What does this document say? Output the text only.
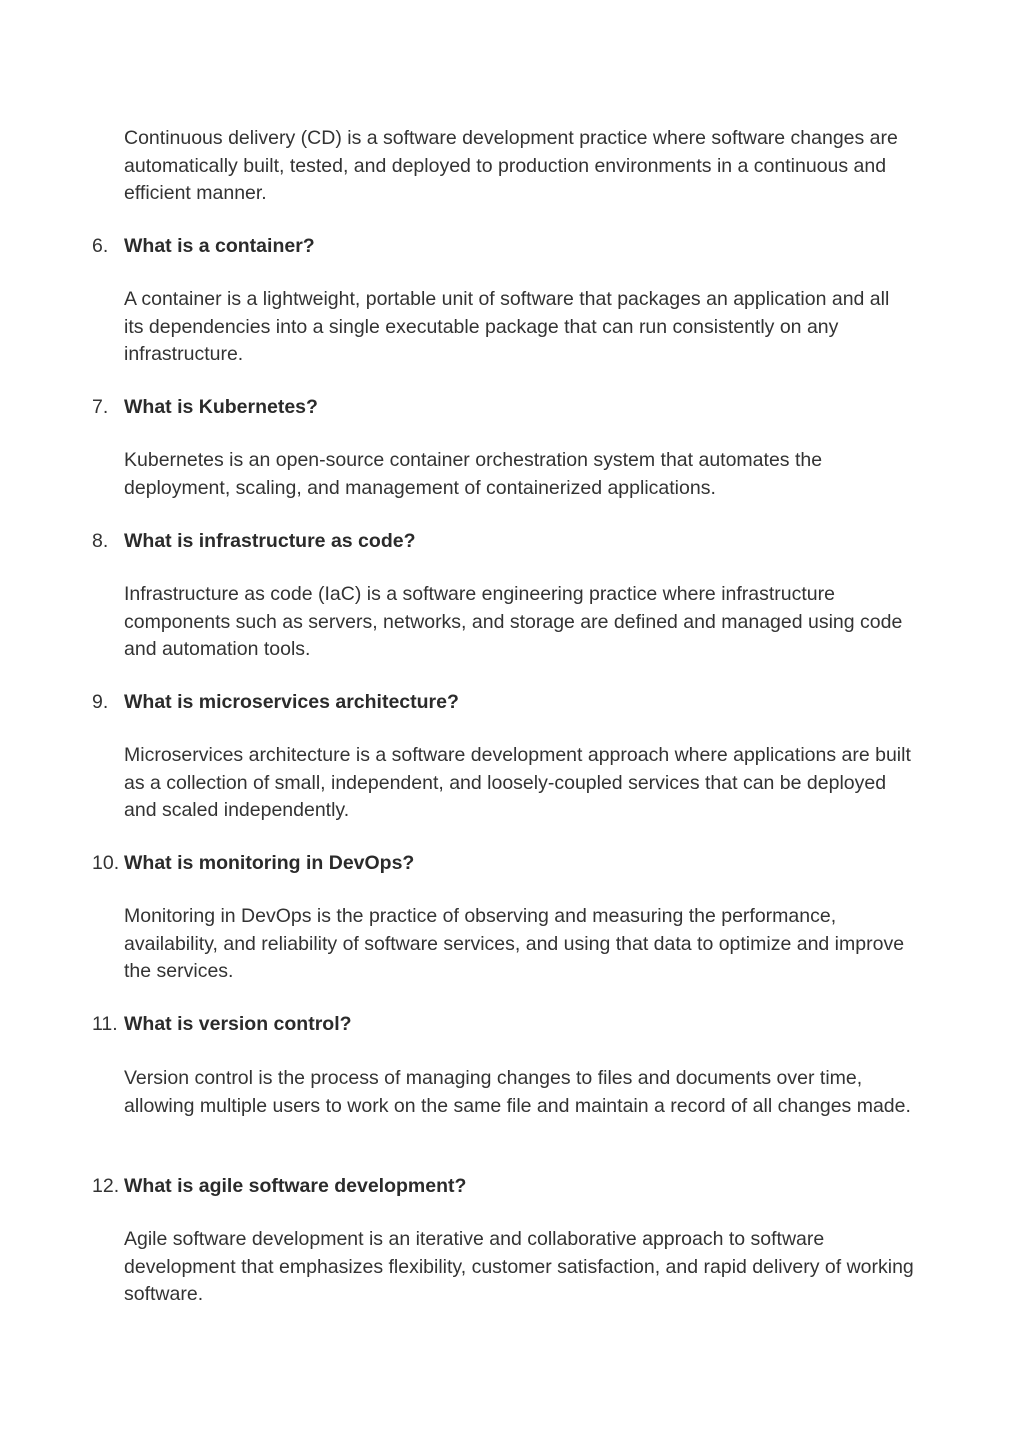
Continuous delivery (CD) is a software development practice where software changes are automatically built, tested, and deployed to production environments in a continuous and efficient manner.

6. What is a container?

A container is a lightweight, portable unit of software that packages an application and all its dependencies into a single executable package that can run consistently on any infrastructure.

7. What is Kubernetes?

Kubernetes is an open-source container orchestration system that automates the deployment, scaling, and management of containerized applications.

8. What is infrastructure as code?

Infrastructure as code (IaC) is a software engineering practice where infrastructure components such as servers, networks, and storage are defined and managed using code and automation tools.

9. What is microservices architecture?

Microservices architecture is a software development approach where applications are built as a collection of small, independent, and loosely-coupled services that can be deployed and scaled independently.

10. What is monitoring in DevOps?

Monitoring in DevOps is the practice of observing and measuring the performance, availability, and reliability of software services, and using that data to optimize and improve the services.

11. What is version control?

Version control is the process of managing changes to files and documents over time, allowing multiple users to work on the same file and maintain a record of all changes made.

12. What is agile software development?

Agile software development is an iterative and collaborative approach to software development that emphasizes flexibility, customer satisfaction, and rapid delivery of working software.
